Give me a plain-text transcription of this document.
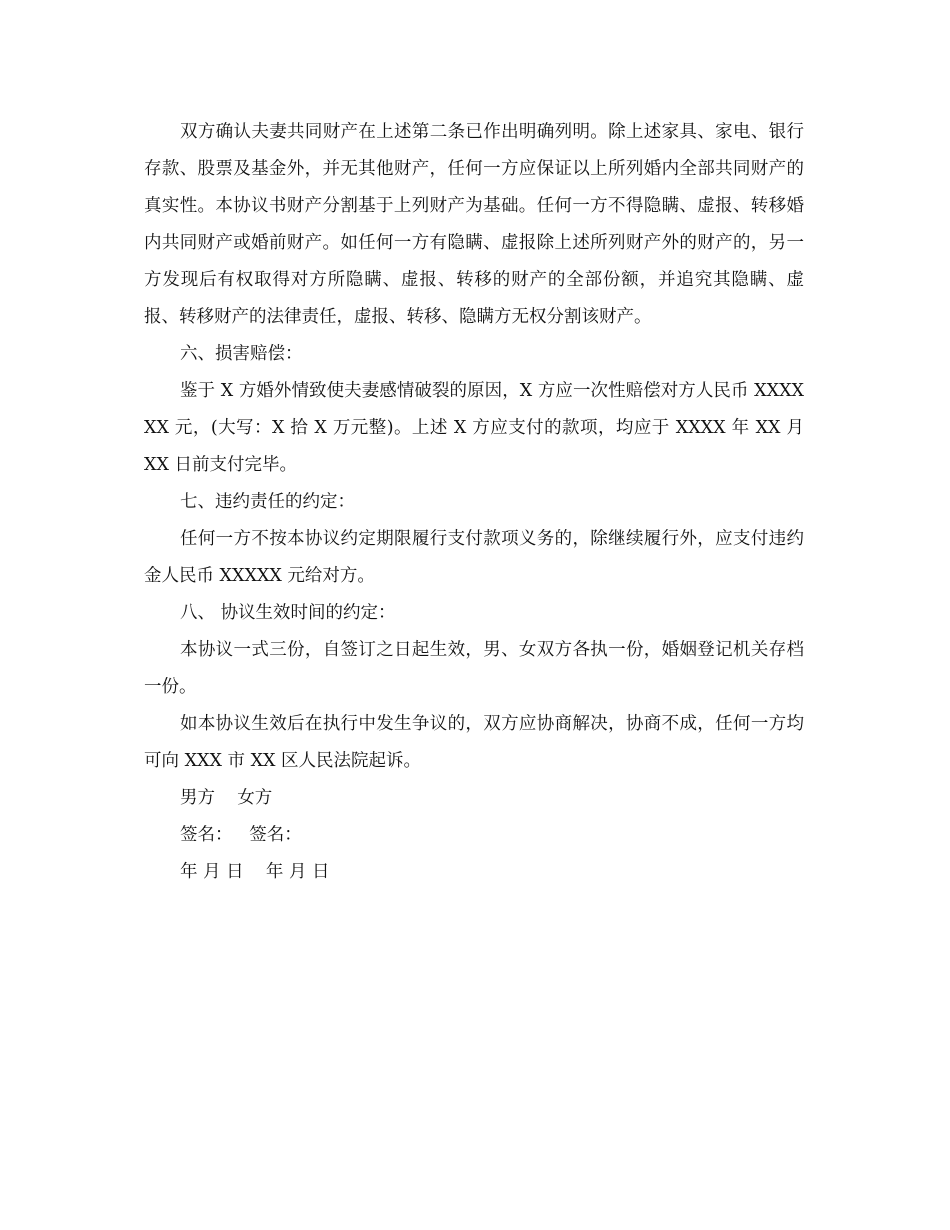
双方确认夫妻共同财产在上述第二条已作出明确列明。除上述家具、家电、银行存款、股票及基金外，并无其他财产，任何一方应保证以上所列婚内全部共同财产的真实性。本协议书财产分割基于上列财产为基础。任何一方不得隐瞒、虚报、转移婚内共同财产或婚前财产。如任何一方有隐瞒、虚报除上述所列财产外的财产的，另一方发现后有权取得对方所隐瞒、虚报、转移的财产的全部份额，并追究其隐瞒、虚报、转移财产的法律责任，虚报、转移、隐瞒方无权分割该财产。

六、损害赔偿：

鉴于 X 方婚外情致使夫妻感情破裂的原因，X 方应一次性赔偿对方人民币 XXXXXX 元，(大写：X 拾 X 万元整)。上述 X 方应支付的款项，均应于 XXXX 年 XX 月 XX 日前支付完毕。

七、违约责任的约定：

任何一方不按本协议约定期限履行支付款项义务的，除继续履行外，应支付违约金人民币 XXXXX 元给对方。

八、 协议生效时间的约定：

本协议一式三份，自签订之日起生效，男、女双方各执一份，婚姻登记机关存档一份。

如本协议生效后在执行中发生争议的，双方应协商解决，协商不成，任何一方均可向 XXX 市 XX 区人民法院起诉。

男方    女方

签名：   签名：

年 月 日    年 月 日
